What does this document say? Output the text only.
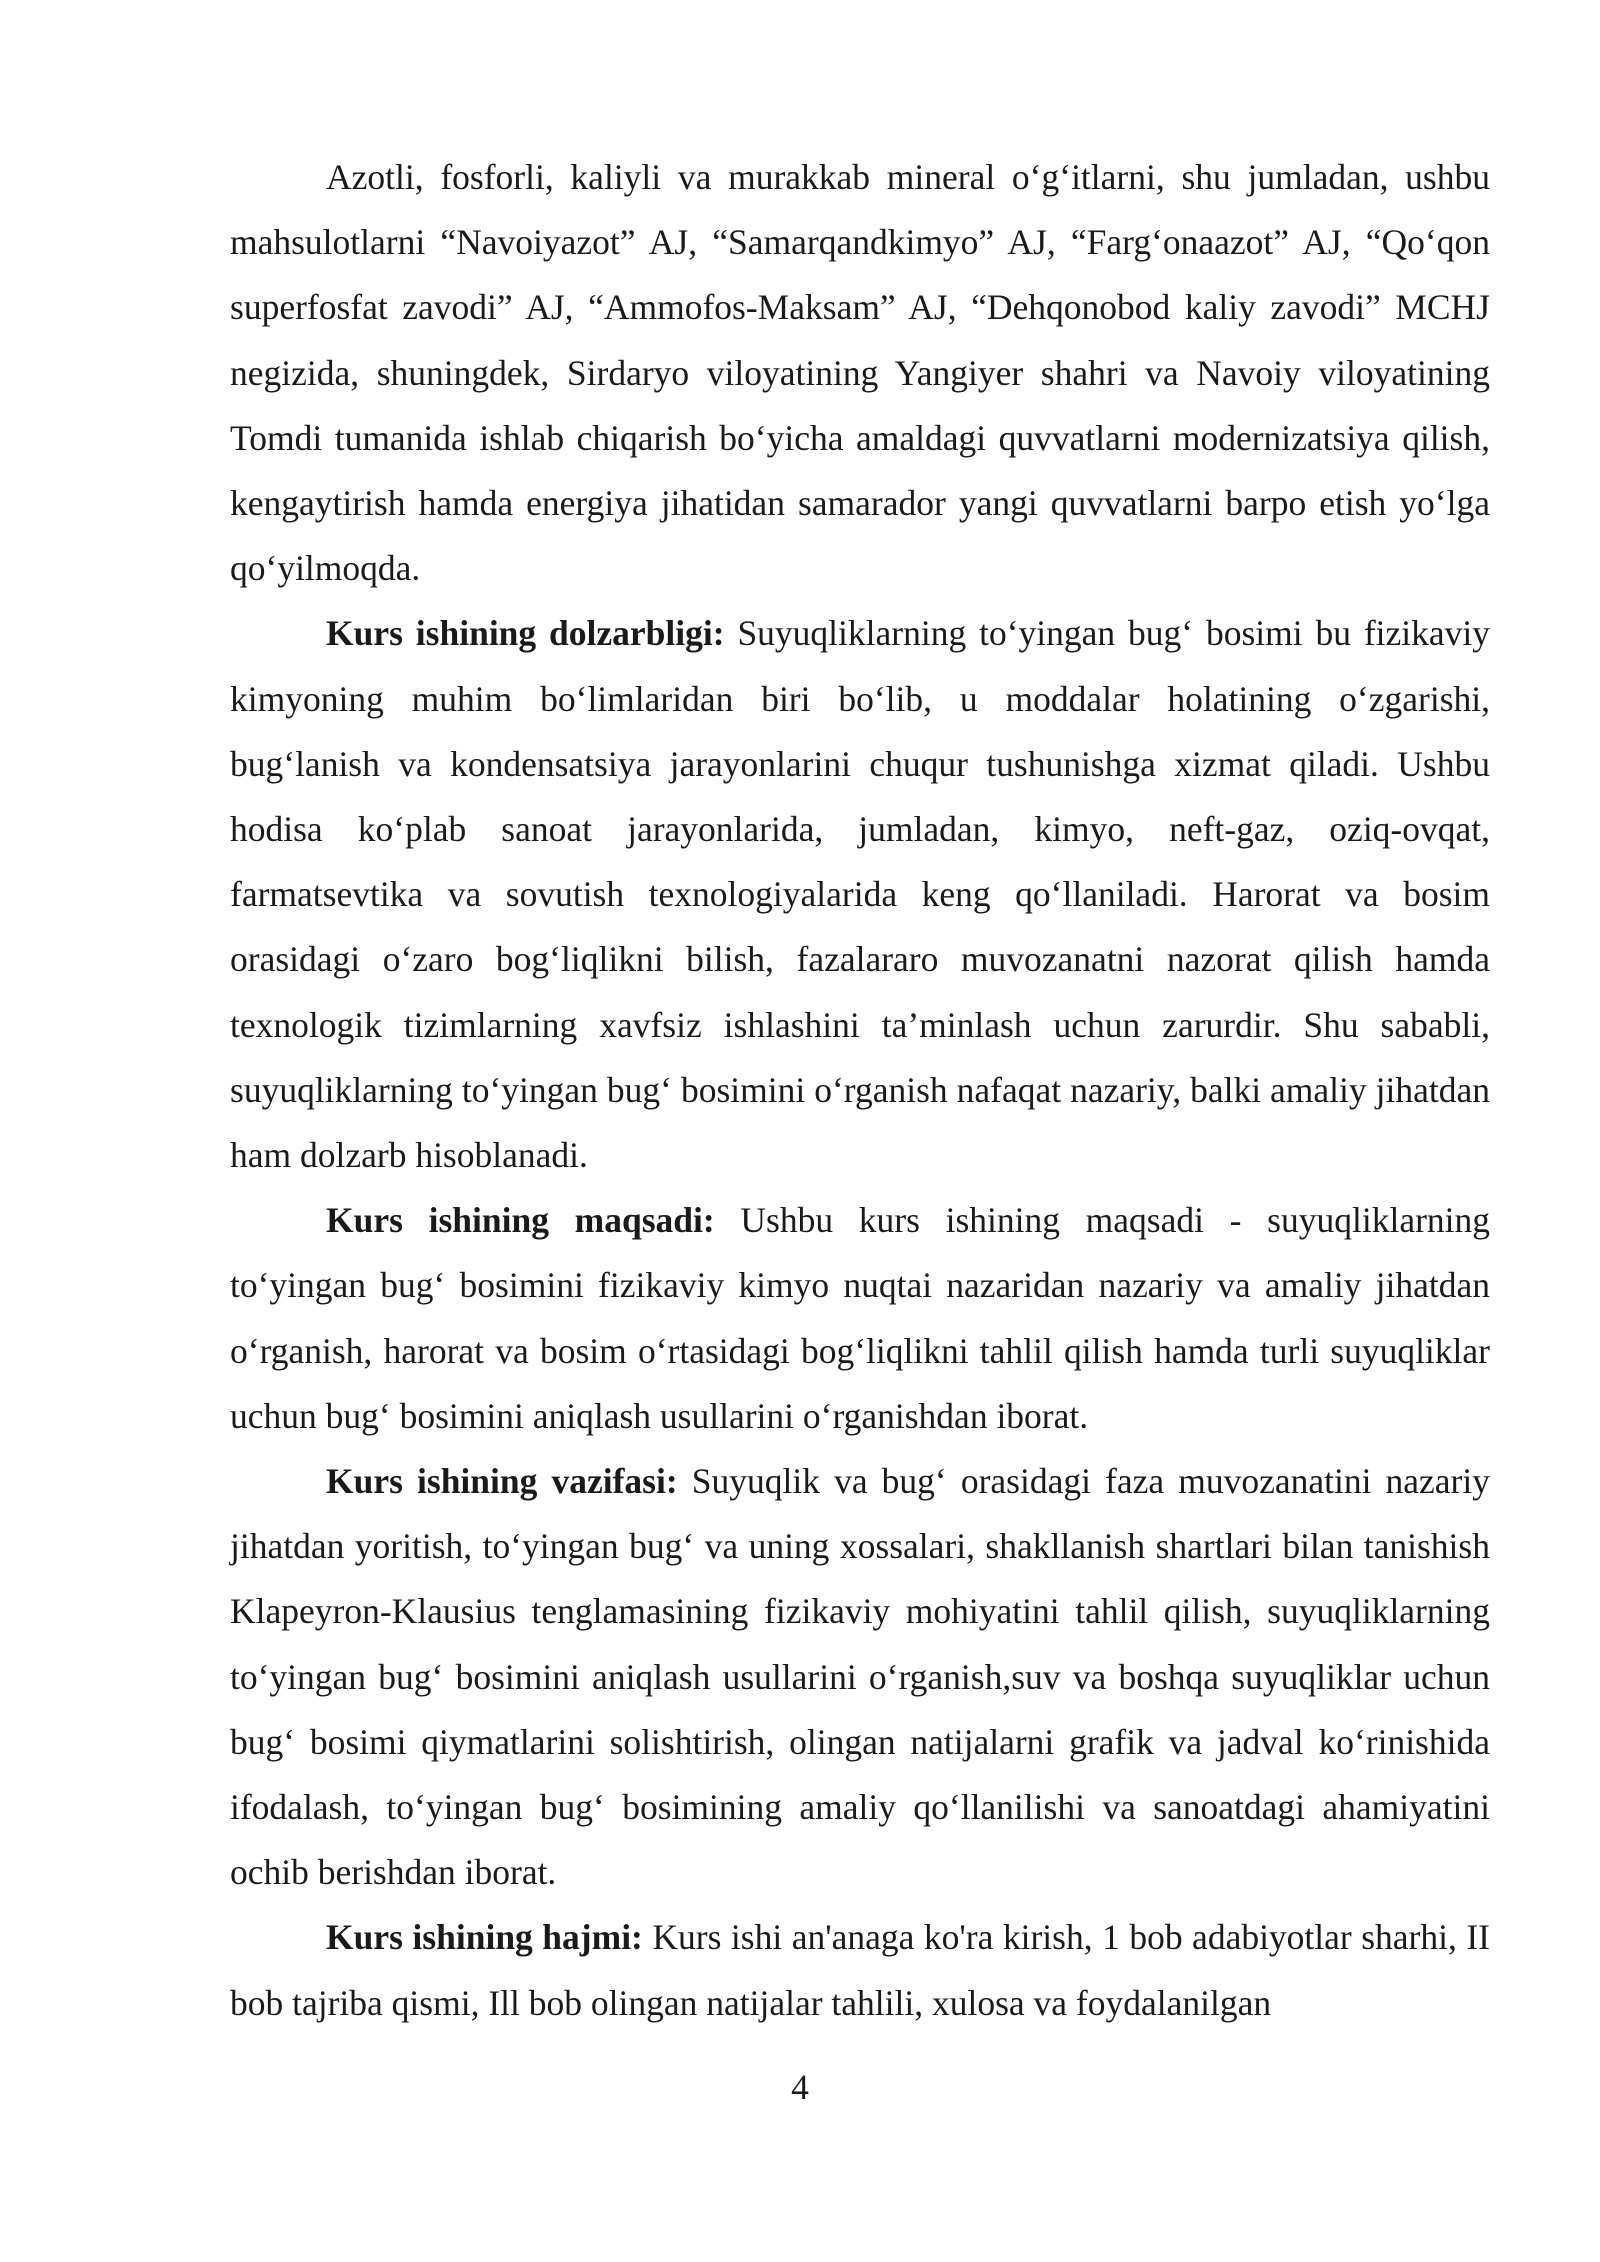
Azotli, fosforli, kaliyli va murakkab mineral o‘g‘itlarni, shu jumladan, ushbu mahsulotlarni “Navoiyazot” AJ, “Samarqandkimyo” AJ, “Farg‘onaazot” AJ, “Qo‘qon superfosfat zavodi” AJ, “Ammofos-Maksam” AJ, “Dehqonobod kaliy zavodi” MCHJ negizida, shuningdek, Sirdaryo viloyatining Yangiyer shahri va Navoiy viloyatining Tomdi tumanida ishlab chiqarish bo‘yicha amaldagi quvvatlarni modernizatsiya qilish, kengaytirish hamda energiya jihatidan samarador yangi quvvatlarni barpo etish yo‘lga qo‘yilmoqda.

Kurs ishining dolzarbligi: Suyuqliklarning to‘yingan bug‘ bosimi bu fizikaviy kimyoning muhim bo‘limlaridan biri bo‘lib, u moddalar holatining o‘zgarishi, bug‘lanish va kondensatsiya jarayonlarini chuqur tushunishga xizmat qiladi. Ushbu hodisa ko‘plab sanoat jarayonlarida, jumladan, kimyo, neft-gaz, oziq-ovqat, farmatsevtika va sovutish texnologiyalarida keng qo‘llaniladi. Harorat va bosim orasidagi o‘zaro bog‘liqlikni bilish, fazalararo muvozanatni nazorat qilish hamda texnologik tizimlarning xavfsiz ishlashini ta’minlash uchun zarurdir. Shu sababli, suyuqliklarning to‘yingan bug‘ bosimini o‘rganish nafaqat nazariy, balki amaliy jihatdan ham dolzarb hisoblanadi.

Kurs ishining maqsadi: Ushbu kurs ishining maqsadi - suyuqliklarning to‘yingan bug‘ bosimini fizikaviy kimyo nuqtai nazaridan nazariy va amaliy jihatdan o‘rganish, harorat va bosim o‘rtasidagi bog‘liqlikni tahlil qilish hamda turli suyuqliklar uchun bug‘ bosimini aniqlash usullarini o‘rganishdan iborat.

Kurs ishining vazifasi: Suyuqlik va bug‘ orasidagi faza muvozanatini nazariy jihatdan yoritish, to‘yingan bug‘ va uning xossalari, shakllanish shartlari bilan tanishish Klapeyron-Klausius tenglamasining fizikaviy mohiyatini tahlil qilish, suyuqliklarning to‘yingan bug‘ bosimini aniqlash usullarini o‘rganish,suv va boshqa suyuqliklar uchun bug‘ bosimi qiymatlarini solishtirish, olingan natijalarni grafik va jadval ko‘rinishida ifodalash, to‘yingan bug‘ bosimining amaliy qo‘llanilishi va sanoatdagi ahamiyatini ochib berishdan iborat.

Kurs ishining hajmi: Kurs ishi an'anaga ko'ra kirish, 1 bob adabiyotlar sharhi, II bob tajriba qismi, Ill bob olingan natijalar tahlili, xulosa va foydalanilgan

4
